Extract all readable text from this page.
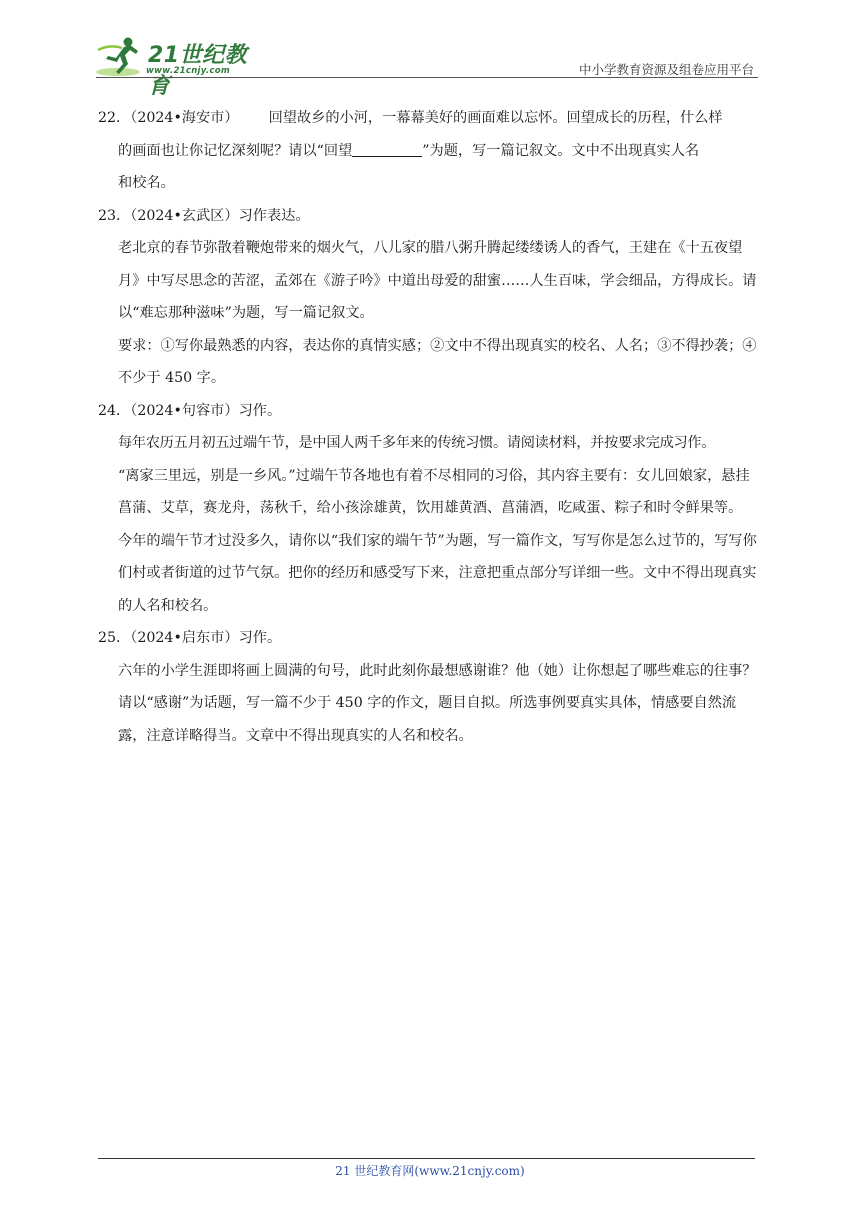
21世纪教育
www.21cnjy.com	中小学教育资源及组卷应用平台
22．（2024•海安市） 回望故乡的小河，一幕幕美好的画面难以忘怀。回望成长的历程，什么样
的画面也让你记忆深刻呢？请以“回望	”为题，写一篇记叙文。文中不出现真实人名
和校名。
23．（2024•玄武区）习作表达。
老北京的春节弥散着鞭炮带来的烟火气，八儿家的腊八粥升腾起缕缕诱人的香气，王建在《十五夜望月》中写尽思念的苦涩，孟郊在《游子吟》中道出母爱的甜蜜……人生百味，学会细品，方得成长。请以“难忘那种滋味”为题，写一篇记叙文。
要求：①写你最熟悉的内容，表达你的真情实感；②文中不得出现真实的校名、人名；③不得抄袭；④不少于 450 字。
24．（2024•句容市）习作。
每年农历五月初五过端午节，是中国人两千多年来的传统习惯。请阅读材料，并按要求完成习作。
“离家三里远，别是一乡风。”过端午节各地也有着不尽相同的习俗，其内容主要有：女儿回娘家，悬挂菖蒲、艾草，赛龙舟，荡秋千，给小孩涂雄黄，饮用雄黄酒、菖蒲酒，吃咸蛋、粽子和时令鲜果等。
今年的端午节才过没多久，请你以“我们家的端午节”为题，写一篇作文，写写你是怎么过节的，写写你们村或者街道的过节气氛。把你的经历和感受写下来，注意把重点部分写详细一些。文中不得出现真实的人名和校名。
25．（2024•启东市）习作。
六年的小学生涯即将画上圆满的句号，此时此刻你最想感谢谁？他（她）让你想起了哪些难忘的往事？请以“感谢”为话题，写一篇不少于 450 字的作文，题目自拟。所选事例要真实具体，情感要自然流露，注意详略得当。文章中不得出现真实的人名和校名。
21 世纪教育网(www.21cnjy.com)
